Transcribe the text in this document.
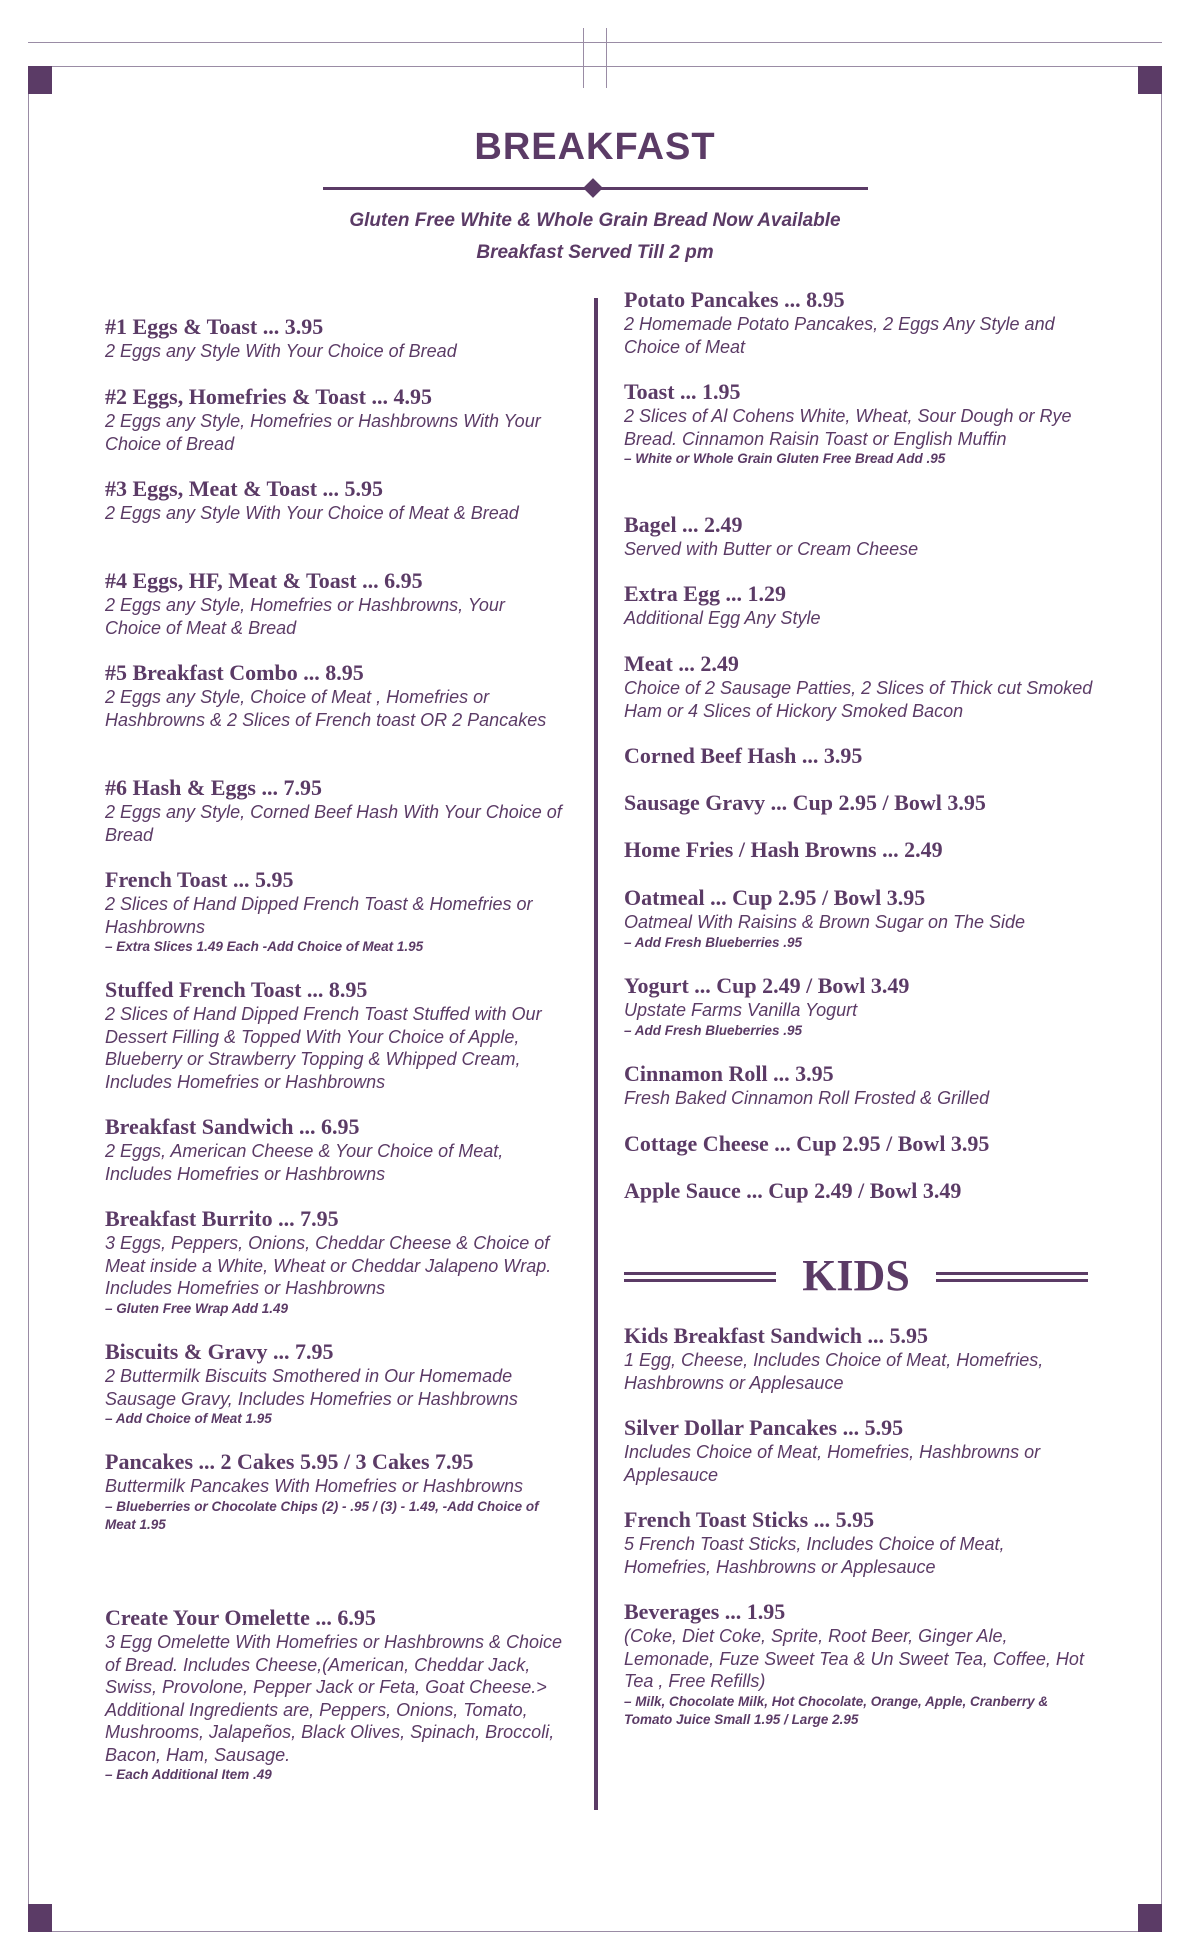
BREAKFAST
Gluten Free White & Whole Grain Bread Now Available
Breakfast Served Till 2 pm
#1 Eggs & Toast ... 3.95
2 Eggs any Style With Your Choice of Bread
#2 Eggs, Homefries & Toast ... 4.95
2 Eggs any Style, Homefries or Hashbrowns With Your Choice of Bread
#3 Eggs, Meat & Toast ... 5.95
2 Eggs any Style With Your Choice of Meat & Bread
#4 Eggs, HF, Meat & Toast ... 6.95
2 Eggs any Style, Homefries or Hashbrowns, Your Choice of Meat & Bread
#5 Breakfast Combo ... 8.95
2 Eggs any Style, Choice of Meat , Homefries or Hashbrowns & 2 Slices of French toast OR 2 Pancakes
#6 Hash & Eggs ... 7.95
2 Eggs any Style, Corned Beef Hash With Your Choice of Bread
French Toast ... 5.95
2 Slices of Hand Dipped French Toast & Homefries or Hashbrowns
– Extra Slices 1.49 Each -Add Choice of Meat 1.95
Stuffed French Toast ... 8.95
2 Slices of Hand Dipped French Toast Stuffed with Our Dessert Filling & Topped With Your Choice of Apple, Blueberry or Strawberry Topping & Whipped Cream, Includes Homefries or Hashbrowns
Breakfast Sandwich ... 6.95
2 Eggs, American Cheese & Your Choice of Meat, Includes Homefries or Hashbrowns
Breakfast Burrito ... 7.95
3 Eggs, Peppers, Onions, Cheddar Cheese & Choice of Meat inside a White, Wheat or Cheddar Jalapeno Wrap. Includes Homefries or Hashbrowns
– Gluten Free Wrap Add 1.49
Biscuits & Gravy ... 7.95
2 Buttermilk Biscuits Smothered in Our Homemade Sausage Gravy, Includes Homefries or Hashbrowns
– Add Choice of Meat 1.95
Pancakes ... 2 Cakes 5.95 / 3 Cakes 7.95
Buttermilk Pancakes With Homefries or Hashbrowns
– Blueberries or Chocolate Chips (2) - .95 / (3) - 1.49, -Add Choice of Meat 1.95
Create Your Omelette ... 6.95
3 Egg Omelette With Homefries or Hashbrowns & Choice of Bread. Includes Cheese,(American, Cheddar Jack, Swiss, Provolone, Pepper Jack or Feta, Goat Cheese.> Additional Ingredients are, Peppers, Onions, Tomato, Mushrooms, Jalapeños, Black Olives, Spinach, Broccoli, Bacon, Ham, Sausage.
– Each Additional Item .49
Potato Pancakes ... 8.95
2 Homemade Potato Pancakes, 2 Eggs Any Style and Choice of Meat
Toast ... 1.95
2 Slices of Al Cohens White, Wheat, Sour Dough or Rye Bread. Cinnamon Raisin Toast or English Muffin
– White or Whole Grain Gluten Free Bread Add .95
Bagel ... 2.49
Served with Butter or Cream Cheese
Extra Egg ... 1.29
Additional Egg Any Style
Meat ... 2.49
Choice of 2 Sausage Patties, 2 Slices of Thick cut Smoked Ham or 4 Slices of Hickory Smoked Bacon
Corned Beef Hash ... 3.95
Sausage Gravy ... Cup 2.95 / Bowl 3.95
Home Fries / Hash Browns ... 2.49
Oatmeal ... Cup 2.95 / Bowl 3.95
Oatmeal With Raisins & Brown Sugar on The Side
– Add Fresh Blueberries .95
Yogurt ... Cup 2.49 / Bowl 3.49
Upstate Farms Vanilla Yogurt
– Add Fresh Blueberries .95
Cinnamon Roll ... 3.95
Fresh Baked Cinnamon Roll Frosted & Grilled
Cottage Cheese ... Cup 2.95 / Bowl 3.95
Apple Sauce ... Cup 2.49 / Bowl 3.49
KIDS
Kids Breakfast Sandwich ... 5.95
1 Egg, Cheese, Includes Choice of Meat, Homefries, Hashbrowns or Applesauce
Silver Dollar Pancakes ... 5.95
Includes Choice of Meat, Homefries, Hashbrowns or Applesauce
French Toast Sticks ... 5.95
5 French Toast Sticks, Includes Choice of Meat, Homefries, Hashbrowns or Applesauce
Beverages ... 1.95
(Coke, Diet Coke, Sprite, Root Beer, Ginger Ale, Lemonade, Fuze Sweet Tea & Un Sweet Tea, Coffee, Hot Tea , Free Refills)
– Milk, Chocolate Milk, Hot Chocolate, Orange, Apple, Cranberry & Tomato Juice Small 1.95 / Large 2.95
